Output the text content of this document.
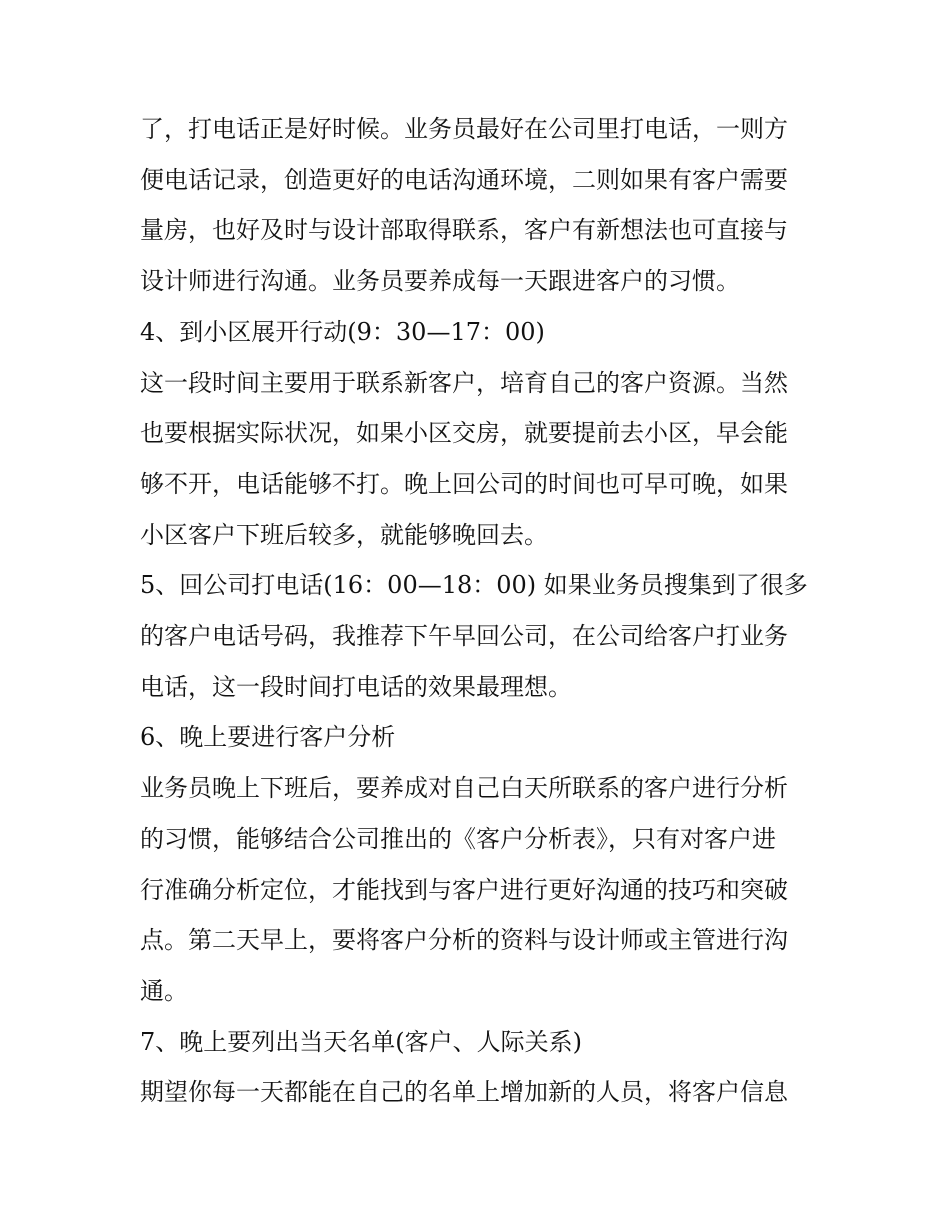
了，打电话正是好时候。业务员最好在公司里打电话，一则方

便电话记录，创造更好的电话沟通环境，二则如果有客户需要

量房，也好及时与设计部取得联系，客户有新想法也可直接与

设计师进行沟通。业务员要养成每一天跟进客户的习惯。

4、到小区展开行动(9：30—17：00)

这一段时间主要用于联系新客户，培育自己的客户资源。当然

也要根据实际状况，如果小区交房，就要提前去小区，早会能

够不开，电话能够不打。晚上回公司的时间也可早可晚，如果

小区客户下班后较多，就能够晚回去。

5、回公司打电话(16：00—18：00) 如果业务员搜集到了很多

的客户电话号码，我推荐下午早回公司，在公司给客户打业务

电话，这一段时间打电话的效果最理想。

6、晚上要进行客户分析

业务员晚上下班后，要养成对自己白天所联系的客户进行分析

的习惯，能够结合公司推出的《客户分析表》，只有对客户进

行准确分析定位，才能找到与客户进行更好沟通的技巧和突破

点。第二天早上，要将客户分析的资料与设计师或主管进行沟

通。

7、晚上要列出当天名单(客户、人际关系)

期望你每一天都能在自己的名单上增加新的人员，将客户信息
